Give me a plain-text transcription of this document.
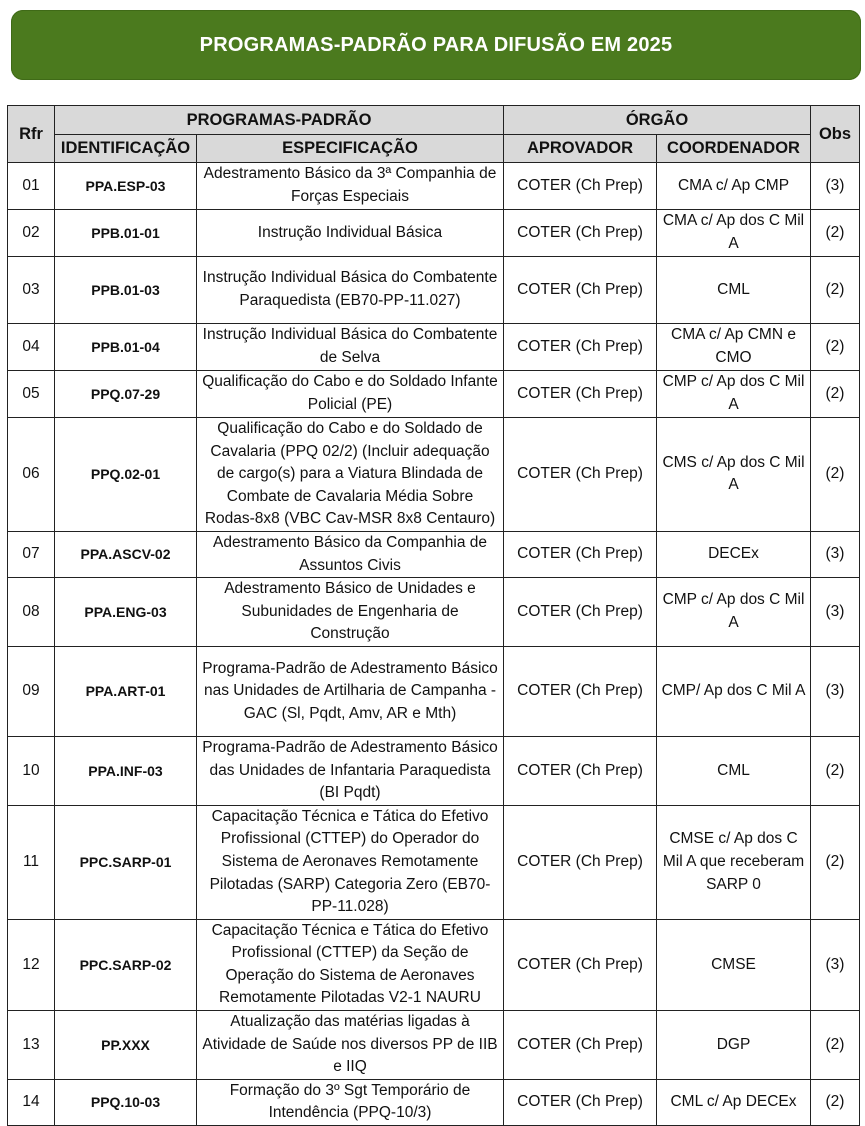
PROGRAMAS-PADRÃO PARA DIFUSÃO EM 2025
Rfr	PROGRAMAS-PADRÃO		ÓRGÃO		Obs
	IDENTIFICAÇÃO	ESPECIFICAÇÃO	APROVADOR	COORDENADOR	
01	PPA.ESP-03	Adestramento Básico da 3ª Companhia de Forças Especiais	COTER (Ch Prep)	CMA c/ Ap CMP	(3)
02	PPB.01-01	Instrução Individual Básica	COTER (Ch Prep)	CMA c/ Ap dos C Mil A	(2)
03	PPB.01-03	Instrução Individual Básica do Combatente Paraquedista (EB70-PP-11.027)	COTER (Ch Prep)	CML	(2)
04	PPB.01-04	Instrução Individual Básica do Combatente de Selva	COTER (Ch Prep)	CMA c/ Ap CMN e CMO	(2)
05	PPQ.07-29	Qualificação do Cabo e do Soldado Infante Policial (PE)	COTER (Ch Prep)	CMP c/ Ap dos C Mil A	(2)
06	PPQ.02-01	Qualificação do Cabo e do Soldado de Cavalaria (PPQ 02/2) (Incluir adequação de cargo(s) para a Viatura Blindada de Combate de Cavalaria Média Sobre Rodas-8x8 (VBC Cav-MSR 8x8 Centauro)	COTER (Ch Prep)	CMS c/ Ap dos C Mil A	(2)
07	PPA.ASCV-02	Adestramento Básico da Companhia de Assuntos Civis	COTER (Ch Prep)	DECEx	(3)
08	PPA.ENG-03	Adestramento Básico de Unidades e Subunidades de Engenharia de Construção	COTER (Ch Prep)	CMP c/ Ap dos C Mil A	(3)
09	PPA.ART-01	Programa-Padrão de Adestramento Básico nas Unidades de Artilharia de Campanha - GAC (Sl, Pqdt, Amv, AR e Mth)	COTER (Ch Prep)	CMP/ Ap dos C Mil A	(3)
10	PPA.INF-03	Programa-Padrão de Adestramento Básico das Unidades de Infantaria Paraquedista (BI Pqdt)	COTER (Ch Prep)	CML	(2)
11	PPC.SARP-01	Capacitação Técnica e Tática do Efetivo Profissional (CTTEP) do Operador do Sistema de Aeronaves Remotamente Pilotadas (SARP) Categoria Zero (EB70-PP-11.028)	COTER (Ch Prep)	CMSE c/ Ap dos C Mil A que receberam SARP 0	(2)
12	PPC.SARP-02	Capacitação Técnica e Tática do Efetivo Profissional (CTTEP) da Seção de Operação do Sistema de Aeronaves Remotamente Pilotadas V2-1 NAURU	COTER (Ch Prep)	CMSE	(3)
13	PP.XXX	Atualização das matérias ligadas à Atividade de Saúde nos diversos PP de IIB e IIQ	COTER (Ch Prep)	DGP	(2)
14	PPQ.10-03	Formação do 3º Sgt Temporário de Intendência (PPQ-10/3)	COTER (Ch Prep)	CML c/ Ap DECEx	(2)
